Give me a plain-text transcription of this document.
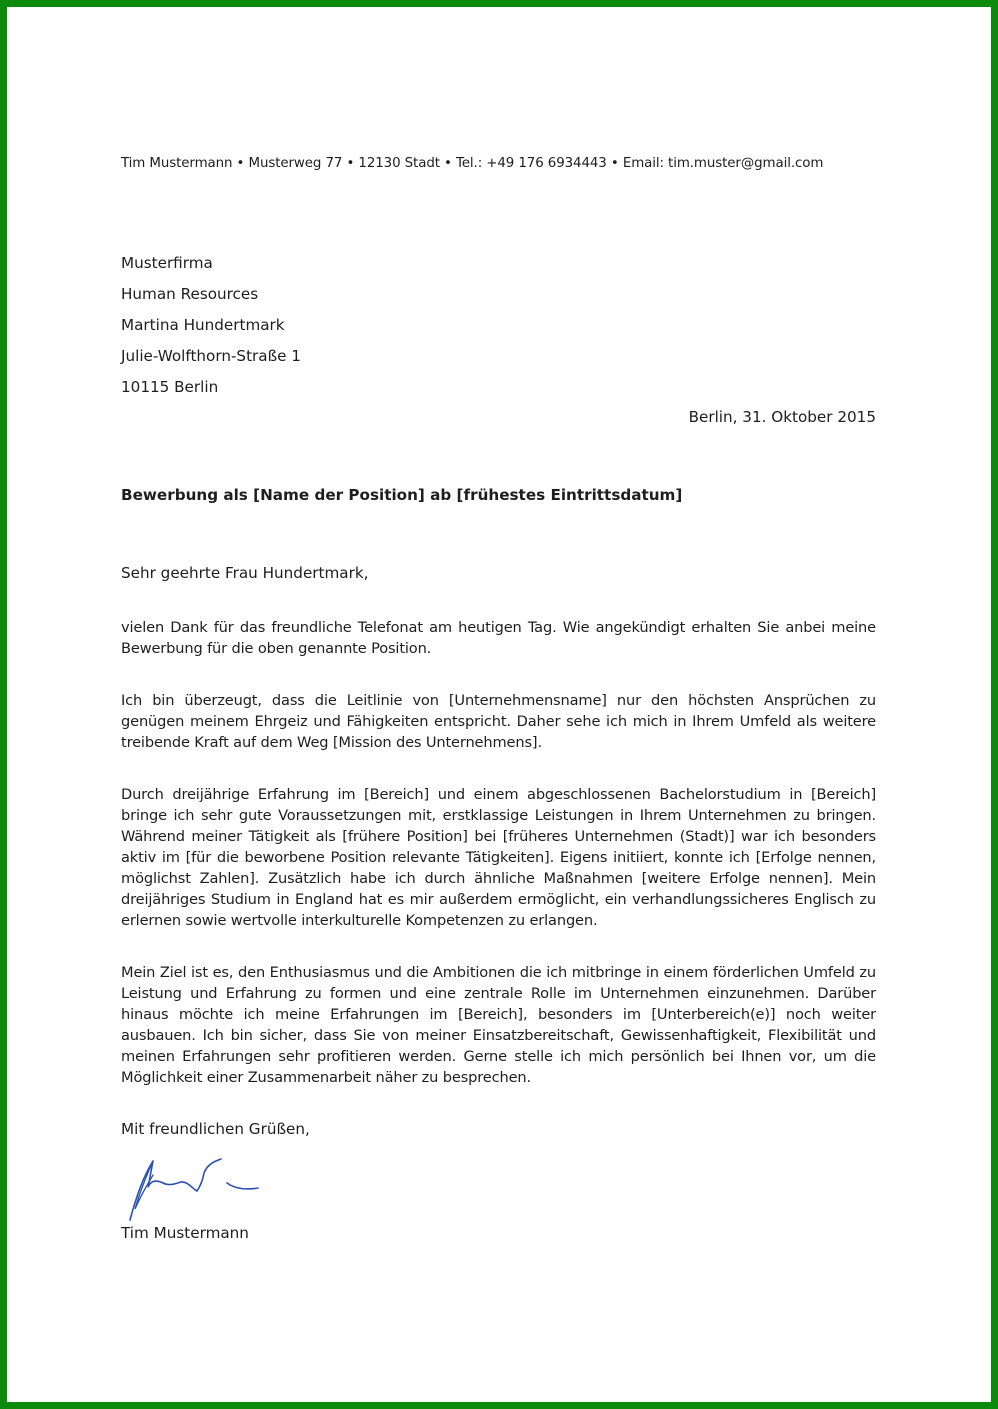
Tim Mustermann • Musterweg 77 • 12130 Stadt • Tel.: +49 176 6934443 • Email: tim.muster@gmail.com
Musterfirma
Human Resources
Martina Hundertmark
Julie-Wolfthorn-Straße 1
10115 Berlin
Berlin, 31. Oktober 2015
Bewerbung als [Name der Position] ab [frühestes Eintrittsdatum]
Sehr geehrte Frau Hundertmark,

vielen Dank für das freundliche Telefonat am heutigen Tag. Wie angekündigt erhalten Sie anbei meine Bewerbung für die oben genannte Position.

Ich bin überzeugt, dass die Leitlinie von [Unternehmensname] nur den höchsten Ansprüchen zu genügen meinem Ehrgeiz und Fähigkeiten entspricht. Daher sehe ich mich in Ihrem Umfeld als weitere treibende Kraft auf dem Weg [Mission des Unternehmens].

Durch dreijährige Erfahrung im [Bereich] und einem abgeschlossenen Bachelorstudium in [Bereich] bringe ich sehr gute Voraussetzungen mit, erstklassige Leistungen in Ihrem Unternehmen zu bringen. Während meiner Tätigkeit als [frühere Position] bei [früheres Unternehmen (Stadt)] war ich besonders aktiv im [für die beworbene Position relevante Tätigkeiten]. Eigens initiiert, konnte ich [Erfolge nennen, möglichst Zahlen]. Zusätzlich habe ich durch ähnliche Maßnahmen [weitere Erfolge nennen]. Mein dreijähriges Studium in England hat es mir außerdem ermöglicht, ein verhandlungssicheres Englisch zu erlernen sowie wertvolle interkulturelle Kompetenzen zu erlangen.

Mein Ziel ist es, den Enthusiasmus und die Ambitionen die ich mitbringe in einem förderlichen Umfeld zu Leistung und Erfahrung zu formen und eine zentrale Rolle im Unternehmen einzunehmen. Darüber hinaus möchte ich meine Erfahrungen im [Bereich], besonders im [Unterbereich(e)] noch weiter ausbauen. Ich bin sicher, dass Sie von meiner Einsatzbereitschaft, Gewissenhaftigkeit, Flexibilität und meinen Erfahrungen sehr profitieren werden. Gerne stelle ich mich persönlich bei Ihnen vor, um die Möglichkeit einer Zusammenarbeit näher zu besprechen.

Mit freundlichen Grüßen,
Tim Mustermann
